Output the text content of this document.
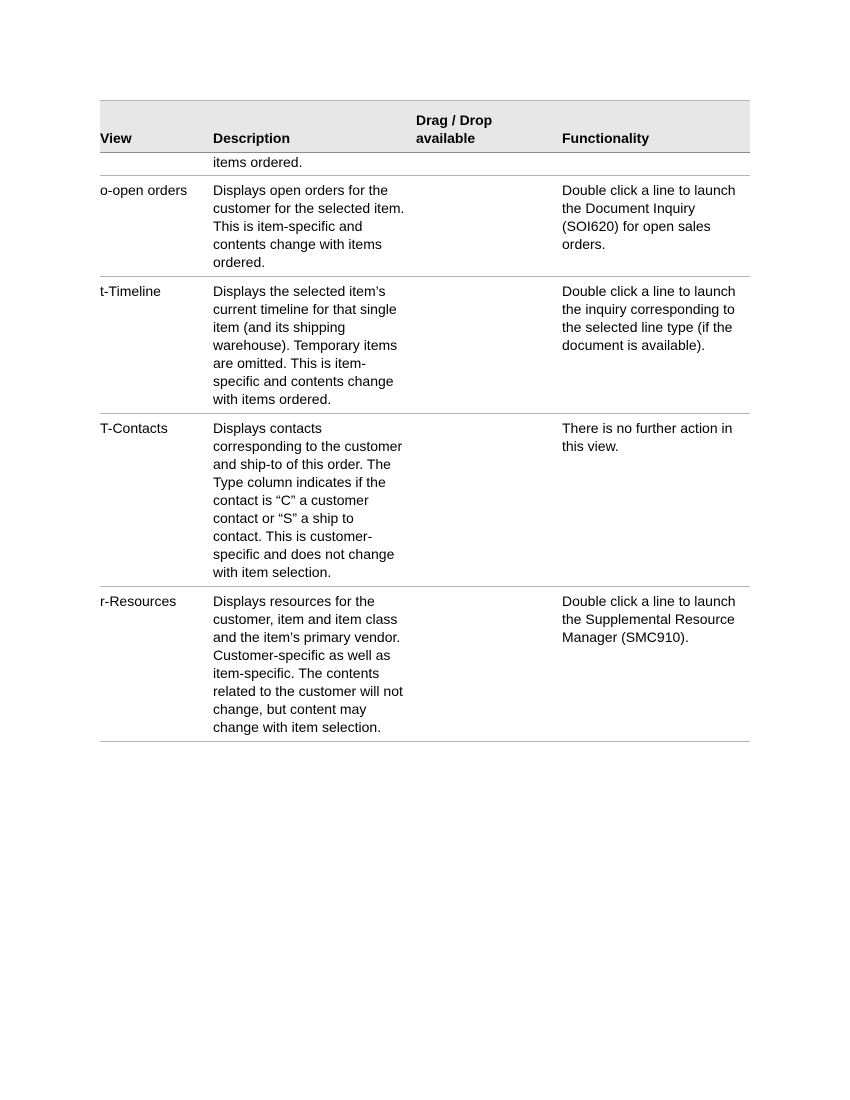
View	Description	Drag / Drop available	Functionality

	items ordered.		

o-open orders	Displays open orders for the customer for the selected item. This is item-specific and contents change with items ordered.		Double click a line to launch the Document Inquiry (SOI620) for open sales orders.

t-Timeline	Displays the selected item’s current timeline for that single item (and its shipping warehouse). Temporary items are omitted. This is item-specific and contents change with items ordered.		Double click a line to launch the inquiry corresponding to the selected line type (if the document is available).

T-Contacts	Displays contacts corresponding to the customer and ship-to of this order. The Type column indicates if the contact is “C” a customer contact or “S” a ship to contact. This is customer-specific and does not change with item selection.		There is no further action in this view.

r-Resources	Displays resources for the customer, item and item class and the item’s primary vendor. Customer-specific as well as item-specific. The contents related to the customer will not change, but content may change with item selection.		Double click a line to launch the Supplemental Resource Manager (SMC910).
